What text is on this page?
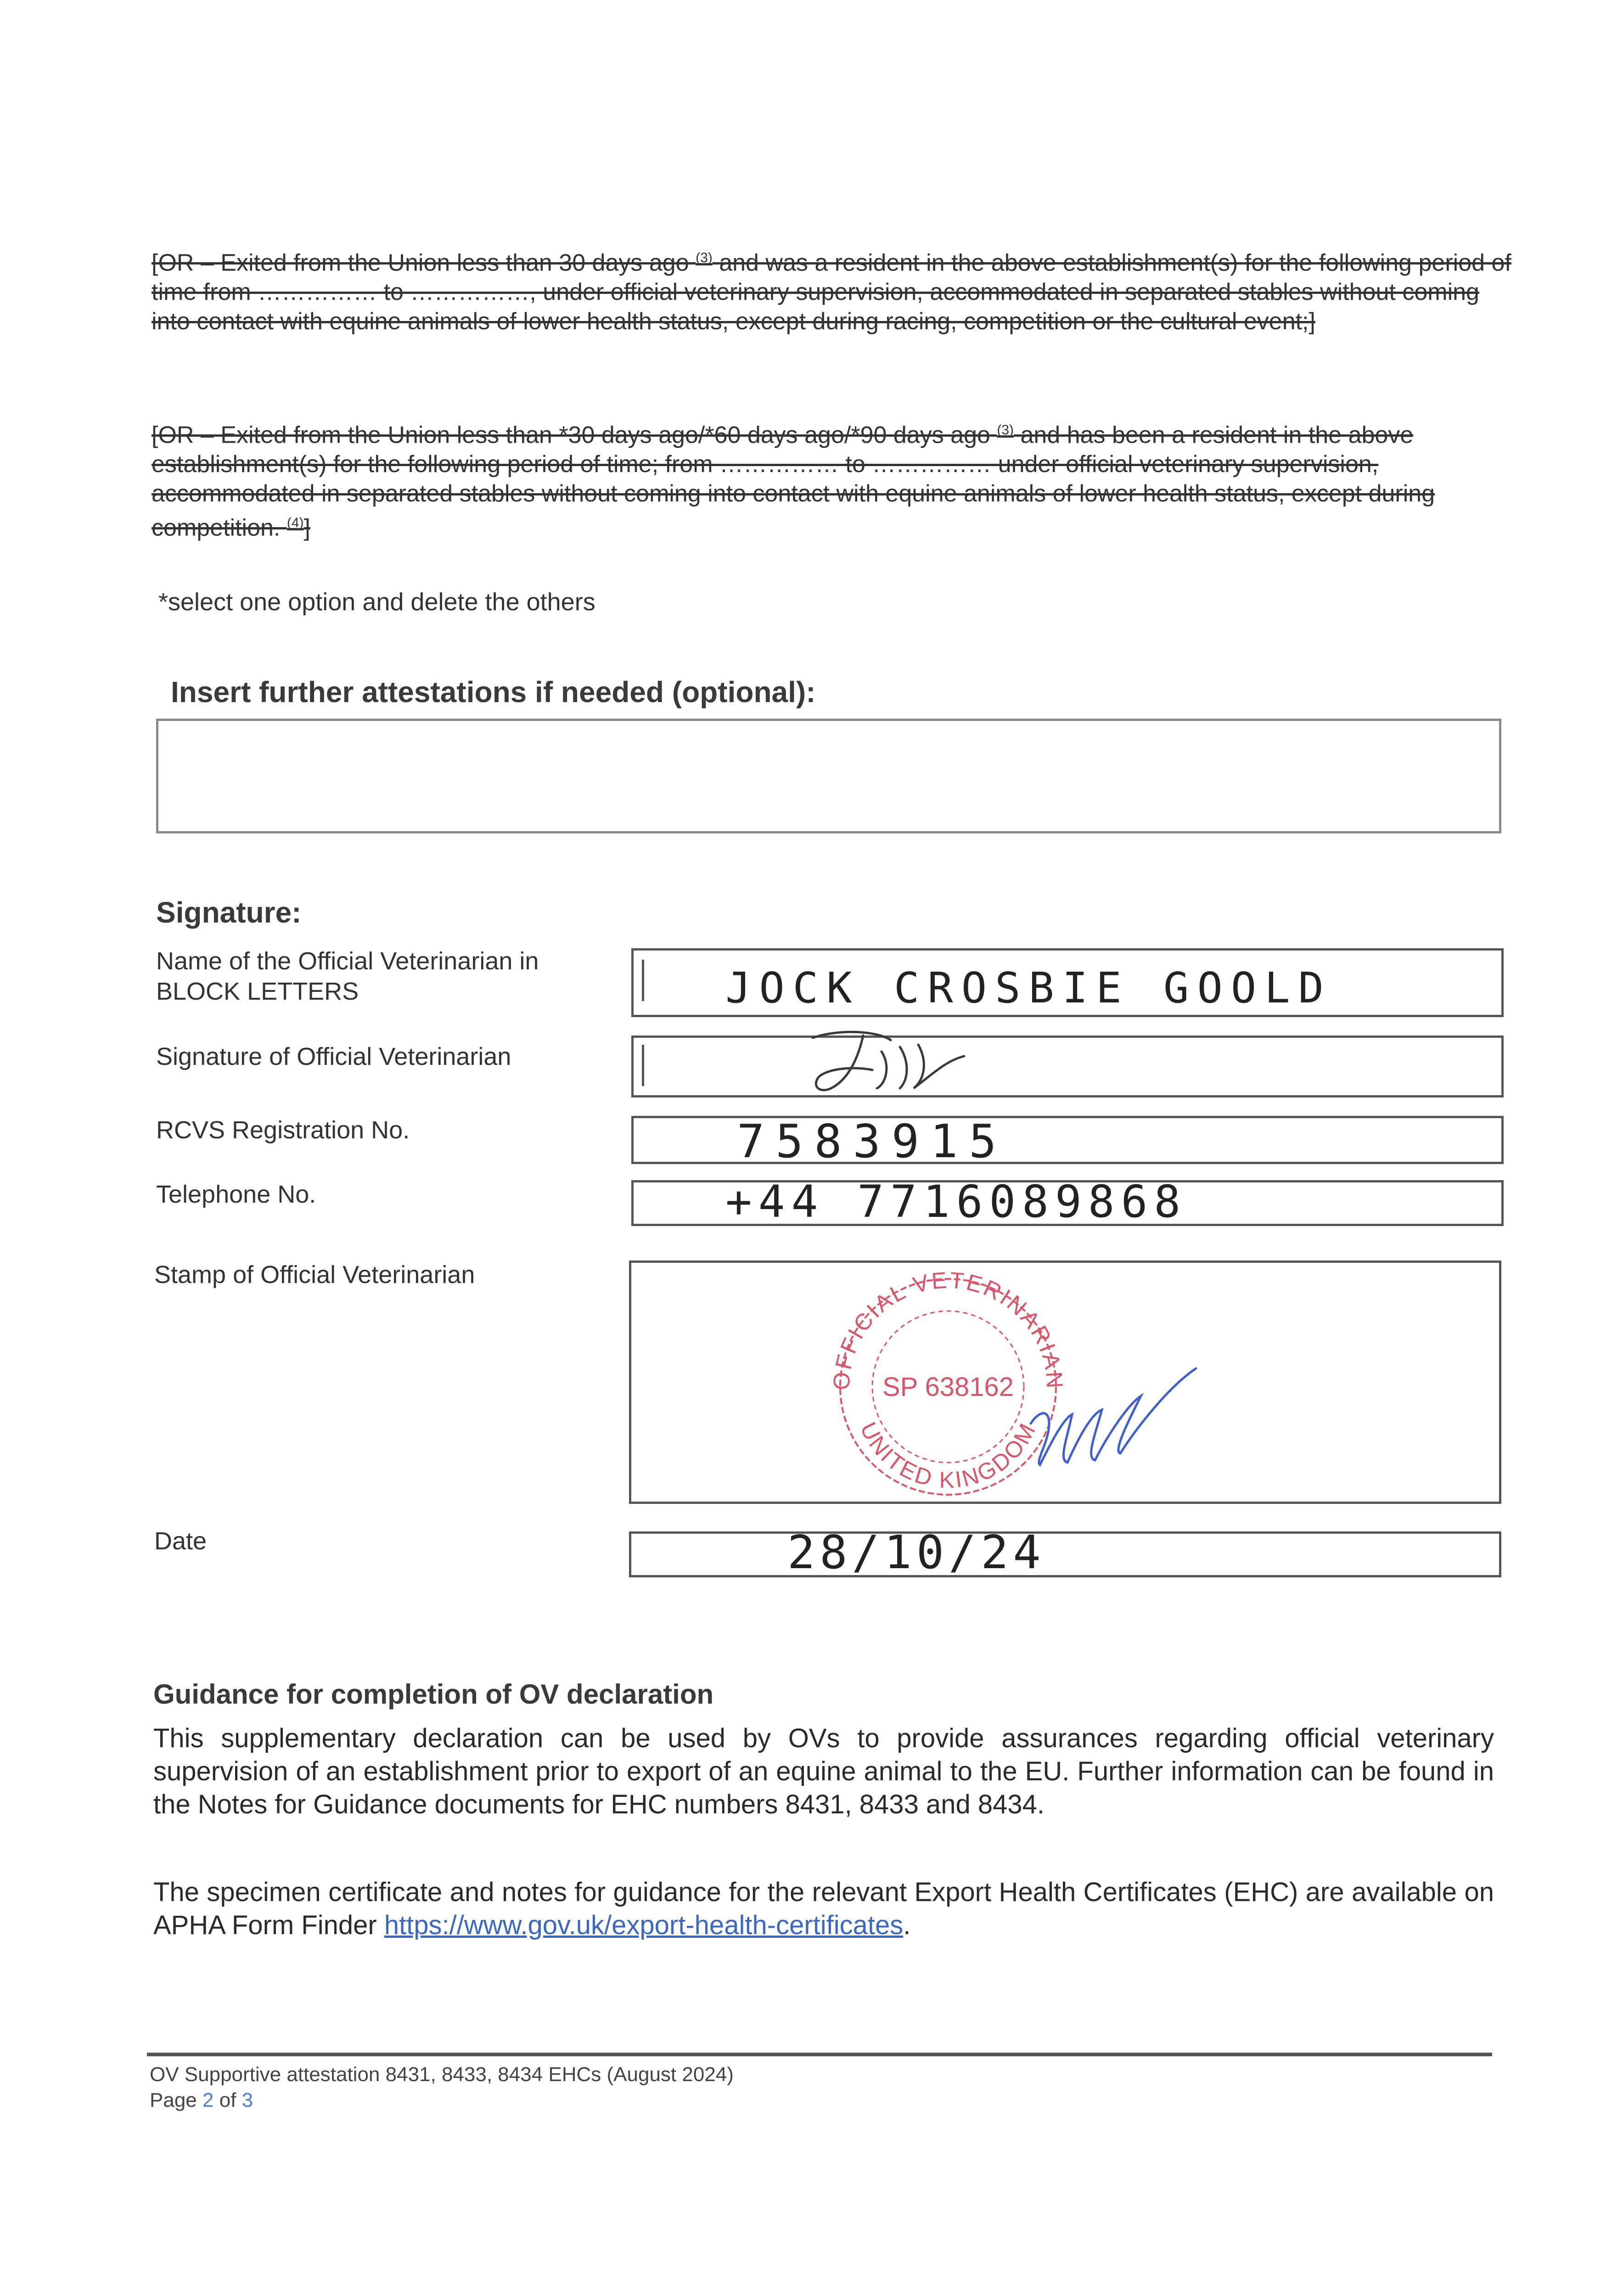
[OR – Exited from the Union less than 30 days ago $^{(3)}$ and was a resident in the above establishment(s) for the following period of time from …………… to ……………, under official veterinary supervision, accommodated in separated stables without coming into contact with equine animals of lower health status, except during racing, competition or the cultural event;]
[OR – Exited from the Union less than *30 days ago/*60 days ago/*90 days ago $^{(3)}$ and has been a resident in the above establishment(s) for the following period of time; from …………… to …………… under official veterinary supervision, accommodated in separated stables without coming into contact with equine animals of lower health status, except during competition. $^{(4)}$]
*select one option and delete the others
Insert further attestations if needed (optional):
Signature:
Name of the Official Veterinarian in
BLOCK LETTERS	JOCK CROSBIE GOOLD
Signature of Official Veterinarian
RCVS Registration No.	7583915
Telephone No.	+44 7716089868
Stamp of Official Veterinarian
OFFICIAL VETERINARIAN
UNITED KINGDOM
SP 638162
Date	28/10/24
Guidance for completion of OV declaration
This supplementary declaration can be used by OVs to provide assurances regarding official veterinary supervision of an establishment prior to export of an equine animal to the EU. Further information can be found in the Notes for Guidance documents for EHC numbers 8431, 8433 and 8434.
The specimen certificate and notes for guidance for the relevant Export Health Certificates (EHC) are available on APHA Form Finder https://www.gov.uk/export-health-certificates.
OV Supportive attestation 8431, 8433, 8434 EHCs (August 2024)
Page 2 of 3
